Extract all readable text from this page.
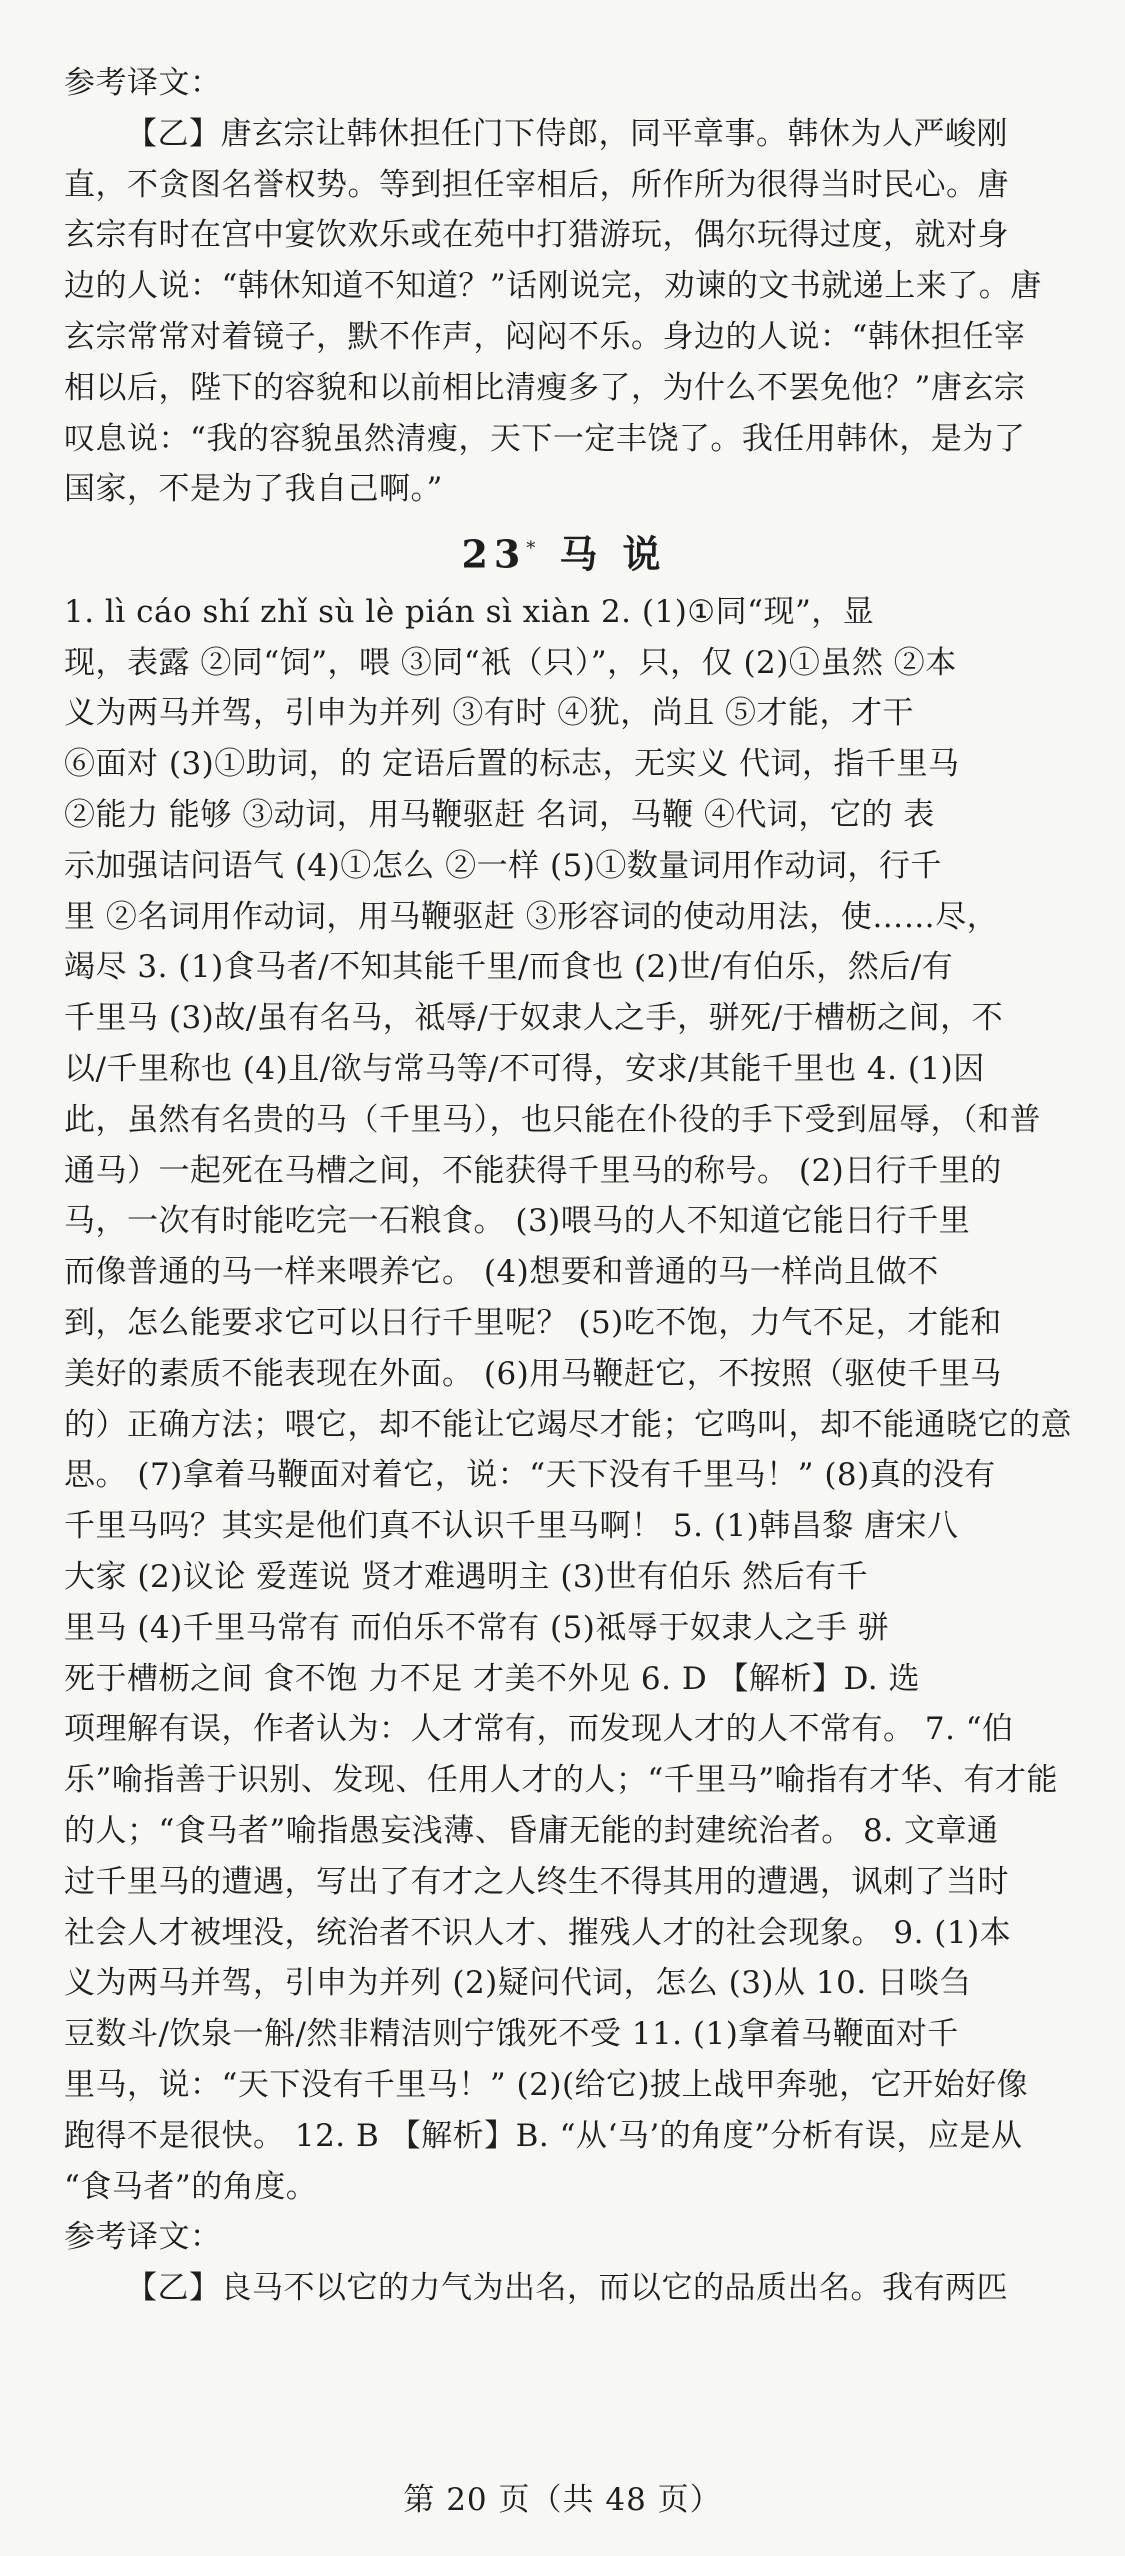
参考译文：
【乙】唐玄宗让韩休担任门下侍郎，同平章事。韩休为人严峻刚
直，不贪图名誉权势。等到担任宰相后，所作所为很得当时民心。唐
玄宗有时在宫中宴饮欢乐或在苑中打猎游玩，偶尔玩得过度，就对身
边的人说：“韩休知道不知道？”话刚说完，劝谏的文书就递上来了。唐
玄宗常常对着镜子，默不作声，闷闷不乐。身边的人说：“韩休担任宰
相以后，陛下的容貌和以前相比清瘦多了，为什么不罢免他？”唐玄宗
叹息说：“我的容貌虽然清瘦，天下一定丰饶了。我任用韩休，是为了
国家，不是为了我自己啊。”
23* 马 说
1. lì cáo shí zhǐ sù lè pián sì xiàn 2. (1)①同“现”，显
现，表露 ②同“饲”，喂 ③同“衹（只）”，只，仅 (2)①虽然 ②本
义为两马并驾，引申为并列 ③有时 ④犹，尚且 ⑤才能，才干
⑥面对 (3)①助词，的 定语后置的标志，无实义 代词，指千里马
②能力 能够 ③动词，用马鞭驱赶 名词，马鞭 ④代词，它的 表
示加强诘问语气 (4)①怎么 ②一样 (5)①数量词用作动词，行千
里 ②名词用作动词，用马鞭驱赶 ③形容词的使动用法，使……尽，
竭尽 3. (1)食马者/不知其能千里/而食也 (2)世/有伯乐，然后/有
千里马 (3)故/虽有名马，祗辱/于奴隶人之手，骈死/于槽枥之间，不
以/千里称也 (4)且/欲与常马等/不可得，安求/其能千里也 4. (1)因
此，虽然有名贵的马（千里马），也只能在仆役的手下受到屈辱，（和普
通马）一起死在马槽之间，不能获得千里马的称号。 (2)日行千里的
马，一次有时能吃完一石粮食。 (3)喂马的人不知道它能日行千里
而像普通的马一样来喂养它。 (4)想要和普通的马一样尚且做不
到，怎么能要求它可以日行千里呢？ (5)吃不饱，力气不足，才能和
美好的素质不能表现在外面。 (6)用马鞭赶它，不按照（驱使千里马
的）正确方法；喂它，却不能让它竭尽才能；它鸣叫，却不能通晓它的意
思。 (7)拿着马鞭面对着它，说：“天下没有千里马！” (8)真的没有
千里马吗？其实是他们真不认识千里马啊！ 5. (1)韩昌黎 唐宋八
大家 (2)议论 爱莲说 贤才难遇明主 (3)世有伯乐 然后有千
里马 (4)千里马常有 而伯乐不常有 (5)祗辱于奴隶人之手 骈
死于槽枥之间 食不饱 力不足 才美不外见 6. D 【解析】D. 选
项理解有误，作者认为：人才常有，而发现人才的人不常有。 7. “伯
乐”喻指善于识别、发现、任用人才的人；“千里马”喻指有才华、有才能
的人；“食马者”喻指愚妄浅薄、昏庸无能的封建统治者。 8. 文章通
过千里马的遭遇，写出了有才之人终生不得其用的遭遇，讽刺了当时
社会人才被埋没，统治者不识人才、摧残人才的社会现象。 9. (1)本
义为两马并驾，引申为并列 (2)疑问代词，怎么 (3)从 10. 日啖刍
豆数斗/饮泉一斛/然非精洁则宁饿死不受 11. (1)拿着马鞭面对千
里马，说：“天下没有千里马！” (2)(给它)披上战甲奔驰，它开始好像
跑得不是很快。 12. B 【解析】B. “从‘马’的角度”分析有误，应是从
“食马者”的角度。
参考译文：
【乙】良马不以它的力气为出名，而以它的品质出名。我有两匹
第 20 页（共 48 页）
